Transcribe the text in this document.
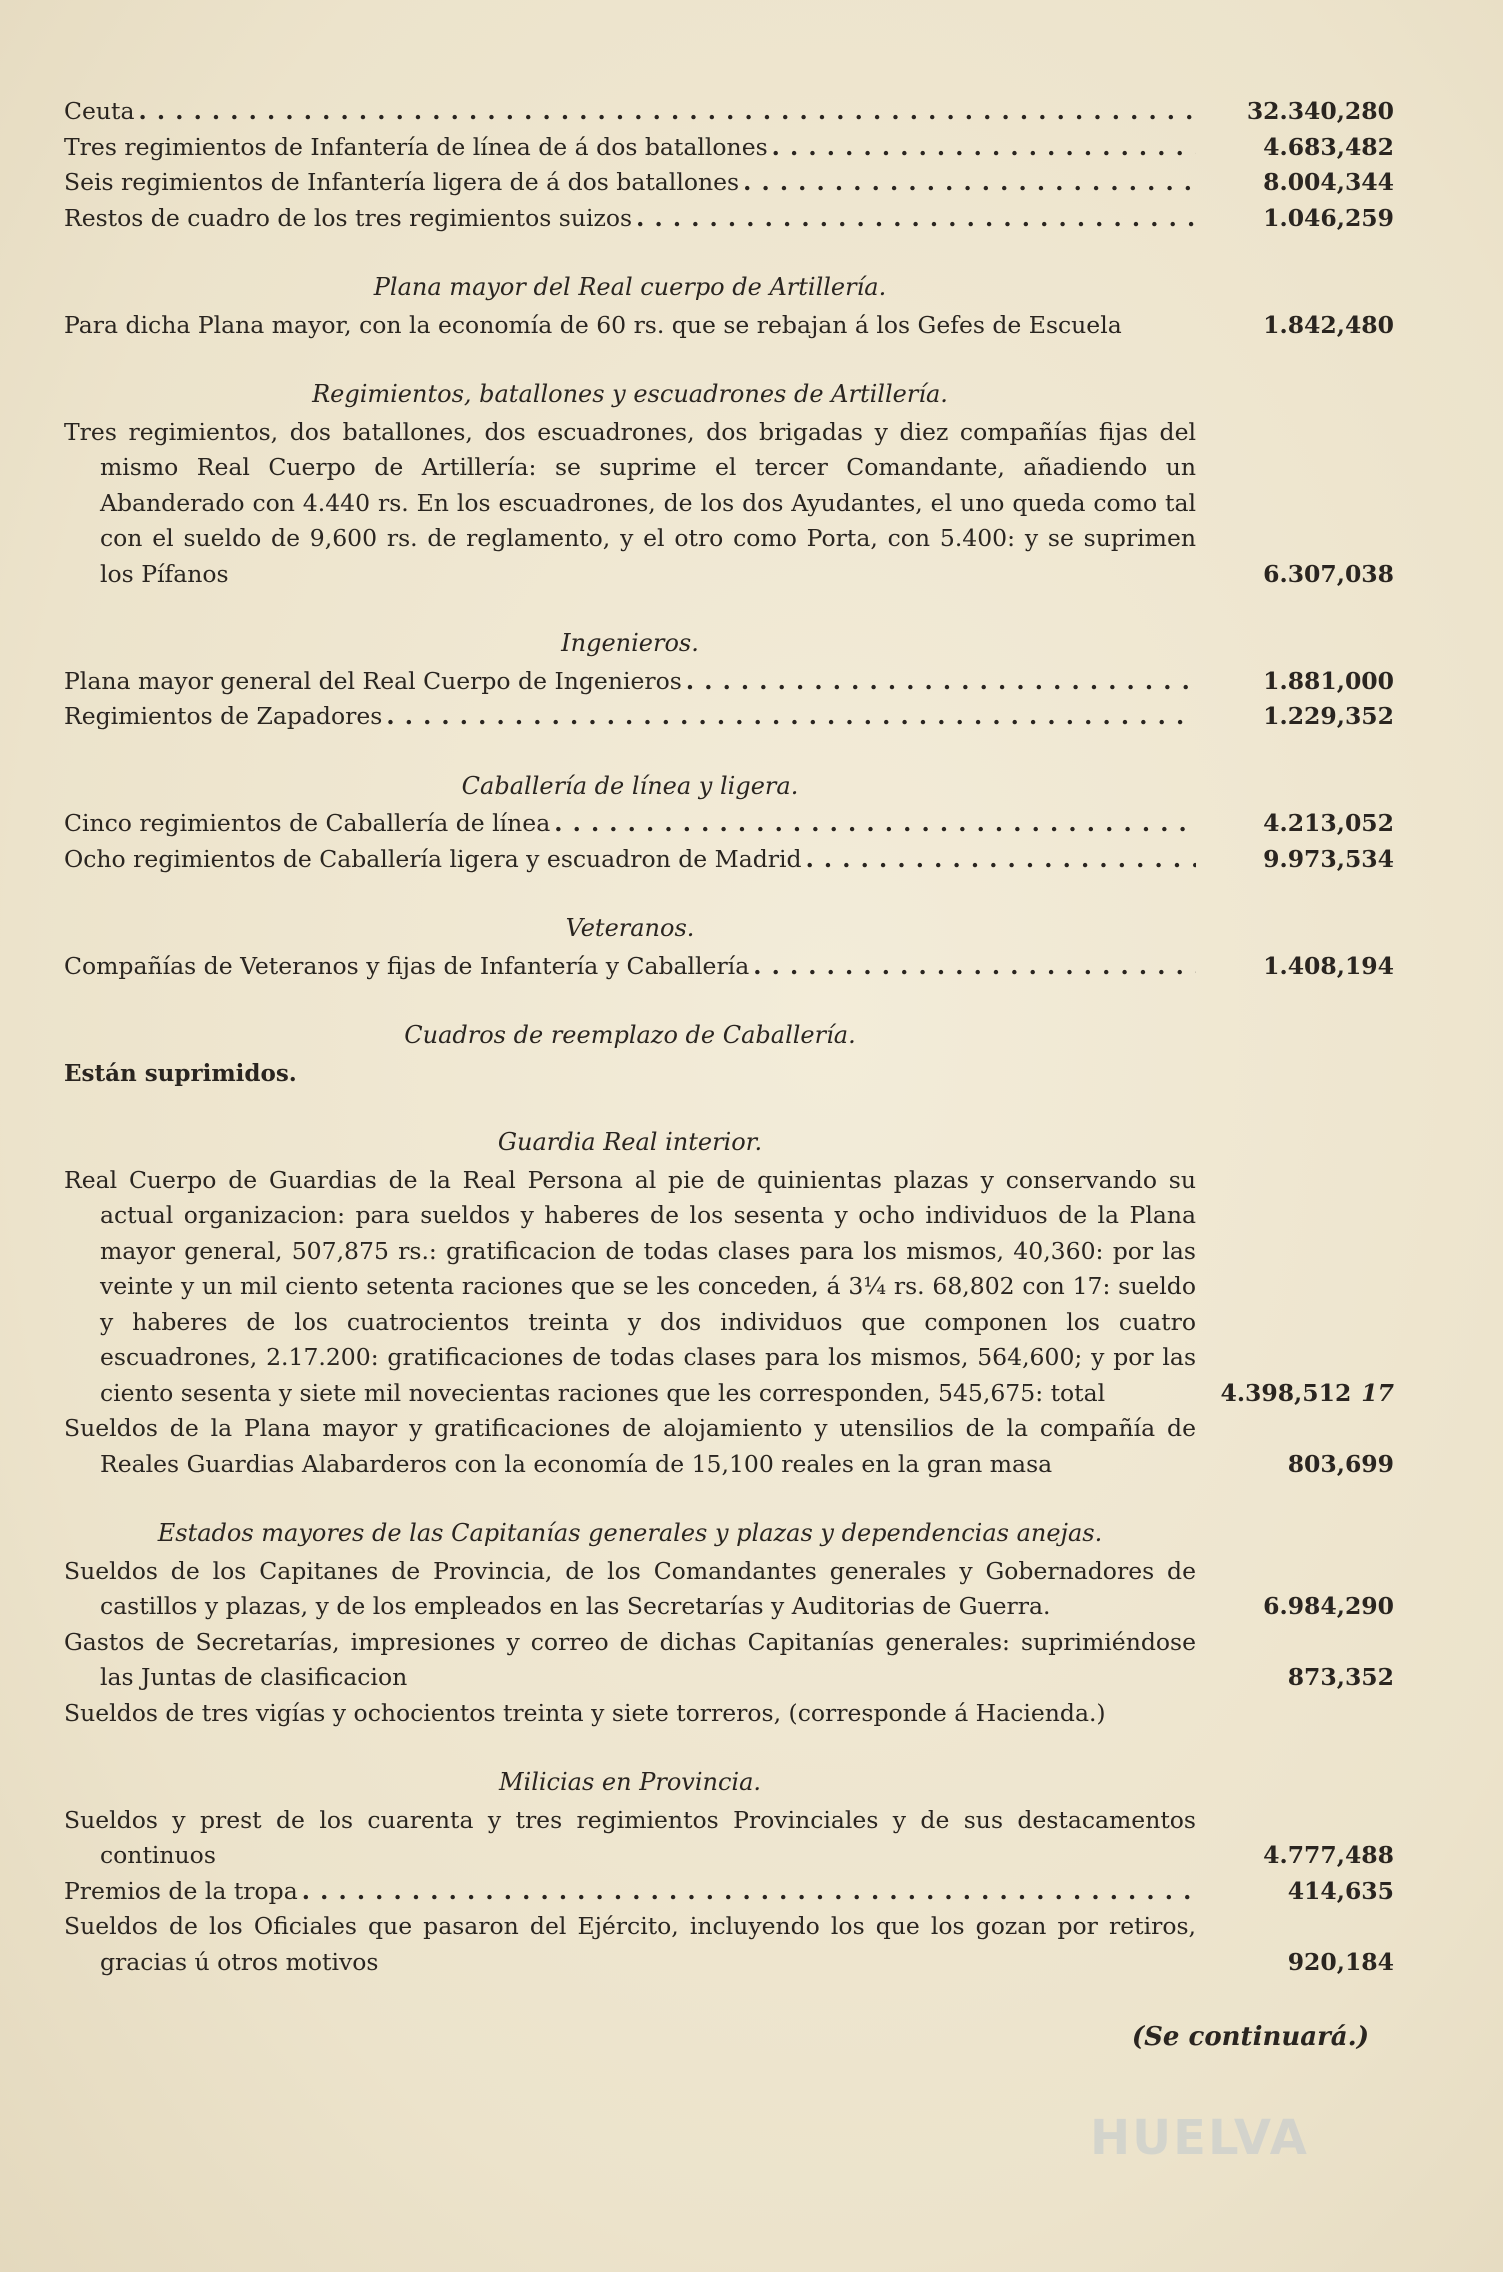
HUELVA
Ceuta . . .	32.340,280
Tres regimientos de Infantería de línea de á dos batallones . . .	4.683,482
Seis regimientos de Infantería ligera de á dos batallones . . .	8.004,344
Restos de cuadro de los tres regimientos suizos . . .	1.046,259
Plana mayor del Real cuerpo de Artillería.

Para dicha Plana mayor, con la economía de 60 rs. que se rebajan á los Gefes de Escuela	1.842,480
Regimientos, batallones y escuadrones de Artillería.

Tres regimientos, dos batallones, dos escuadrones, dos brigadas y diez compañías fijas del mismo Real Cuerpo de Artillería: se suprime el tercer Comandante, añadiendo un Abanderado con 4.440 rs. En los escuadrones, de los dos Ayudantes, el uno queda como tal con el sueldo de 9,600 rs. de reglamento, y el otro como Porta, con 5.400: y se suprimen los Pífanos	6.307,038
Ingenieros.
Plana mayor general del Real Cuerpo de Ingenieros . . .	1.881,000
Regimientos de Zapadores . . .	1.229,352
Caballería de línea y ligera.
Cinco regimientos de Caballería de línea . . .	4.213,052
Ocho regimientos de Caballería ligera y escuadron de Madrid . . .	9.973,534
Veteranos.
Compañías de Veteranos y fijas de Infantería y Caballería . . .	1.408,194
Cuadros de reemplazo de Caballería.
Están suprimidos.
Guardia Real interior.

Real Cuerpo de Guardias de la Real Persona al pie de quinientas plazas y conservando su actual organizacion: para sueldos y haberes de los sesenta y ocho individuos de la Plana mayor general, 507,875 rs.: gratificacion de todas clases para los mismos, 40,360: por las veinte y un mil ciento setenta raciones que se les conceden, á 3¼ rs. 68,802 con 17: sueldo y haberes de los cuatrocientos treinta y dos individuos que componen los cuatro escuadrones, 2.17.200: gratificaciones de todas clases para los mismos, 564,600; y por las ciento sesenta y siete mil novecientas raciones que les corresponden, 545,675: total	4.398,512 17

Sueldos de la Plana mayor y gratificaciones de alojamiento y utensilios de la compañía de Reales Guardias Alabarderos con la economía de 15,100 reales en la gran masa	803,699
Estados mayores de las Capitanías generales y plazas y dependencias anejas.

Sueldos de los Capitanes de Provincia, de los Comandantes generales y Gobernadores de castillos y plazas, y de los empleados en las Secretarías y Auditorias de Guerra.	6.984,290

Gastos de Secretarías, impresiones y correo de dichas Capitanías generales: suprimiéndose las Juntas de clasificacion	873,352

Sueldos de tres vigías y ochocientos treinta y siete torreros, (corresponde á Hacienda.)

Milicias en Provincia.

Sueldos y prest de los cuarenta y tres regimientos Provinciales y de sus destacamentos continuos	4.777,488
Premios de la tropa . . .	414,635

Sueldos de los Oficiales que pasaron del Ejército, incluyendo los que los gozan por retiros, gracias ú otros motivos	920,184
(Se continuará.)
